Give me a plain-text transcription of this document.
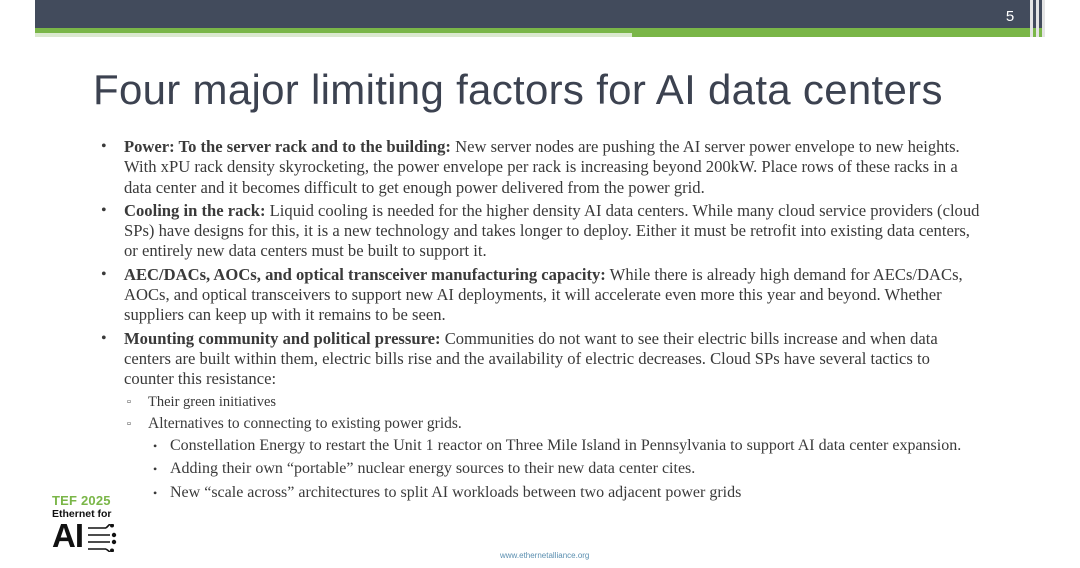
5
Four major limiting factors for AI data centers
• Power: To the server rack and to the building: New server nodes are pushing the AI server power envelope to new heights. With xPU rack density skyrocketing, the power envelope per rack is increasing beyond 200kW. Place rows of these racks in a data center and it becomes difficult to get enough power delivered from the power grid.
• Cooling in the rack: Liquid cooling is needed for the higher density AI data centers. While many cloud service providers (cloud SPs) have designs for this, it is a new technology and takes longer to deploy. Either it must be retrofit into existing data centers, or entirely new data centers must be built to support it.
• AEC/DACs, AOCs, and optical transceiver manufacturing capacity: While there is already high demand for AECs/DACs, AOCs, and optical transceivers to support new AI deployments, it will accelerate even more this year and beyond. Whether suppliers can keep up with it remains to be seen.
• Mounting community and political pressure: Communities do not want to see their electric bills increase and when data centers are built within them, electric bills rise and the availability of electric decreases. Cloud SPs have several tactics to counter this resistance:
▫ Their green initiatives
▫ Alternatives to connecting to existing power grids.
• Constellation Energy to restart the Unit 1 reactor on Three Mile Island in Pennsylvania to support AI data center expansion.
• Adding their own “portable” nuclear energy sources to their new data center cites.
• New “scale across” architectures to split AI workloads between two adjacent power grids
TEF 2025
Ethernet for
AI
www.ethernetalliance.org
